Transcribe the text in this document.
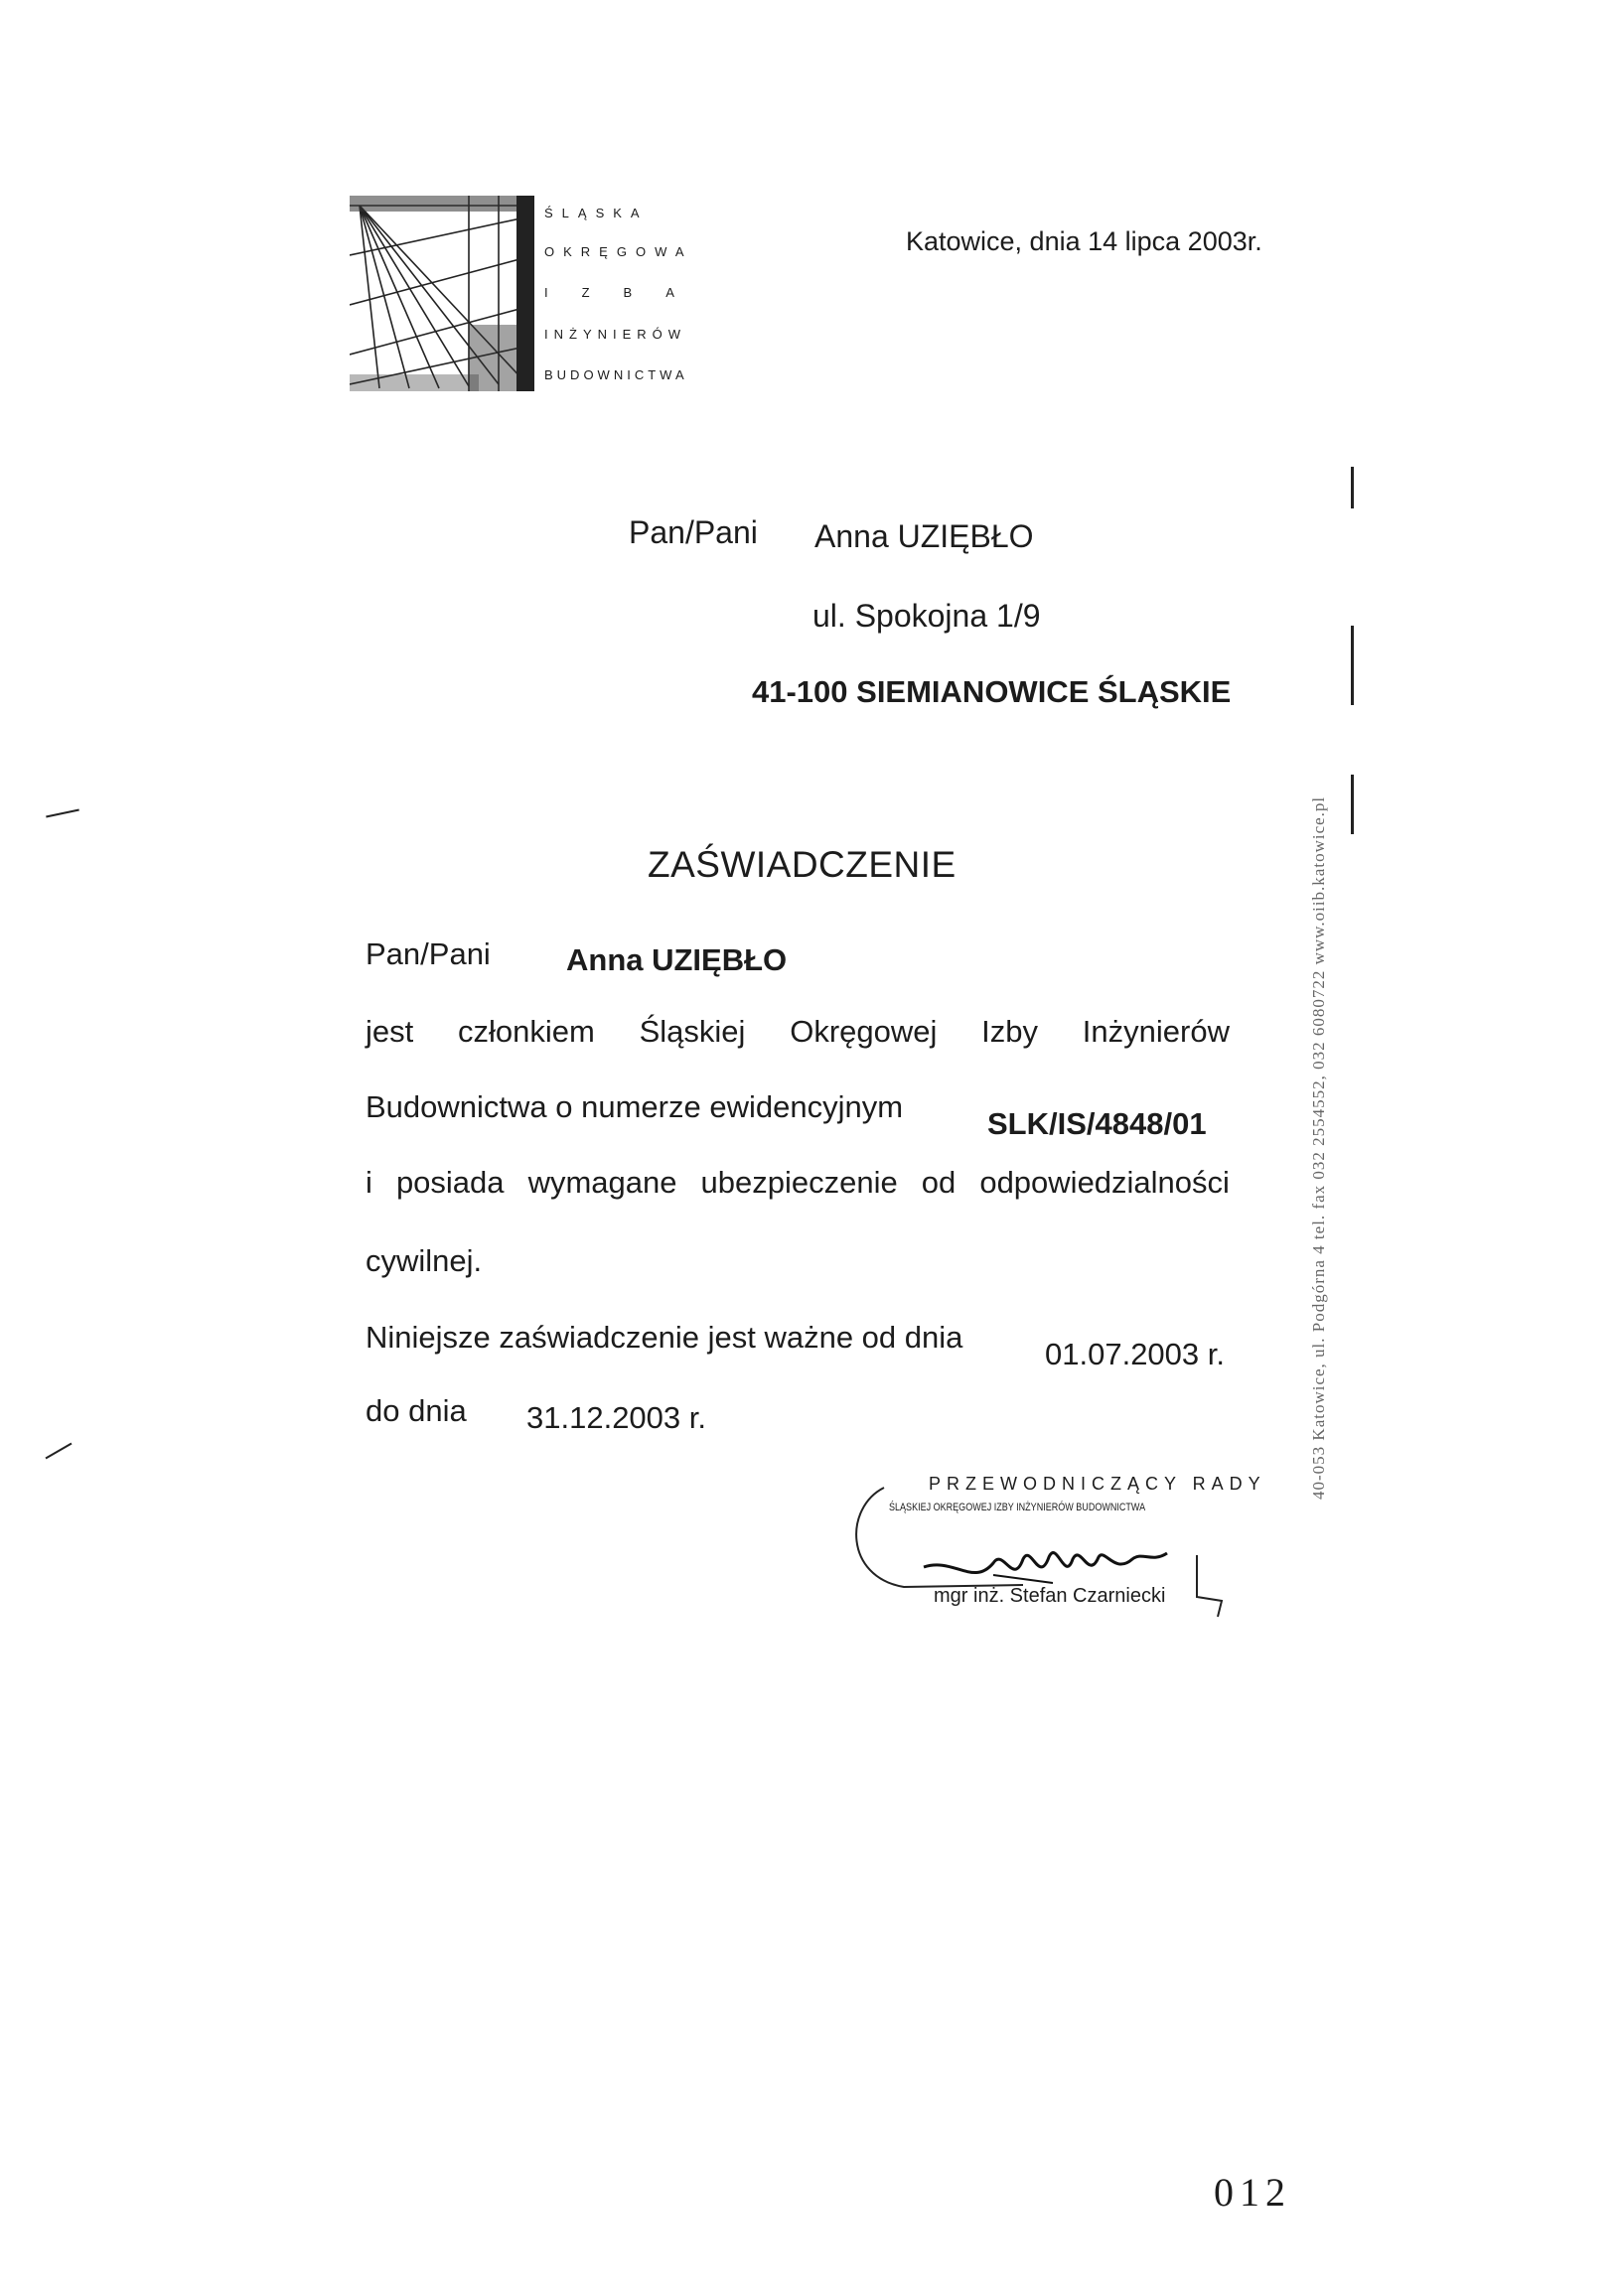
ŚLĄSKA
OKRĘGOWA
IZBA
INŻYNIERÓW
BUDOWNICTWA
Katowice, dnia 14 lipca 2003r.
Pan/Pani Anna UZIĘBŁO
ul. Spokojna 1/9
41-100 SIEMIANOWICE ŚLĄSKIE
ZAŚWIADCZENIE
Pan/Pani Anna UZIĘBŁO
jest członkiem Śląskiej Okręgowej Izby Inżynierów
Budownictwa o numerze ewidencyjnym	SLK/IS/4848/01
i posiada wymagane ubezpieczenie od odpowiedzialności
cywilnej.
Niniejsze zaświadczenie jest ważne od dnia	01.07.2003 r.
do dnia 31.12.2003 r.
PRZEWODNICZĄCY RADY
ŚLĄSKIEJ OKRĘGOWEJ IZBY INŻYNIERÓW BUDOWNICTWA
mgr inż. Stefan Czarniecki
40-053 Katowice, ul. Podgórna 4 tel. fax 032 2554552, 032 6080722 www.oiib.katowice.pl
012
